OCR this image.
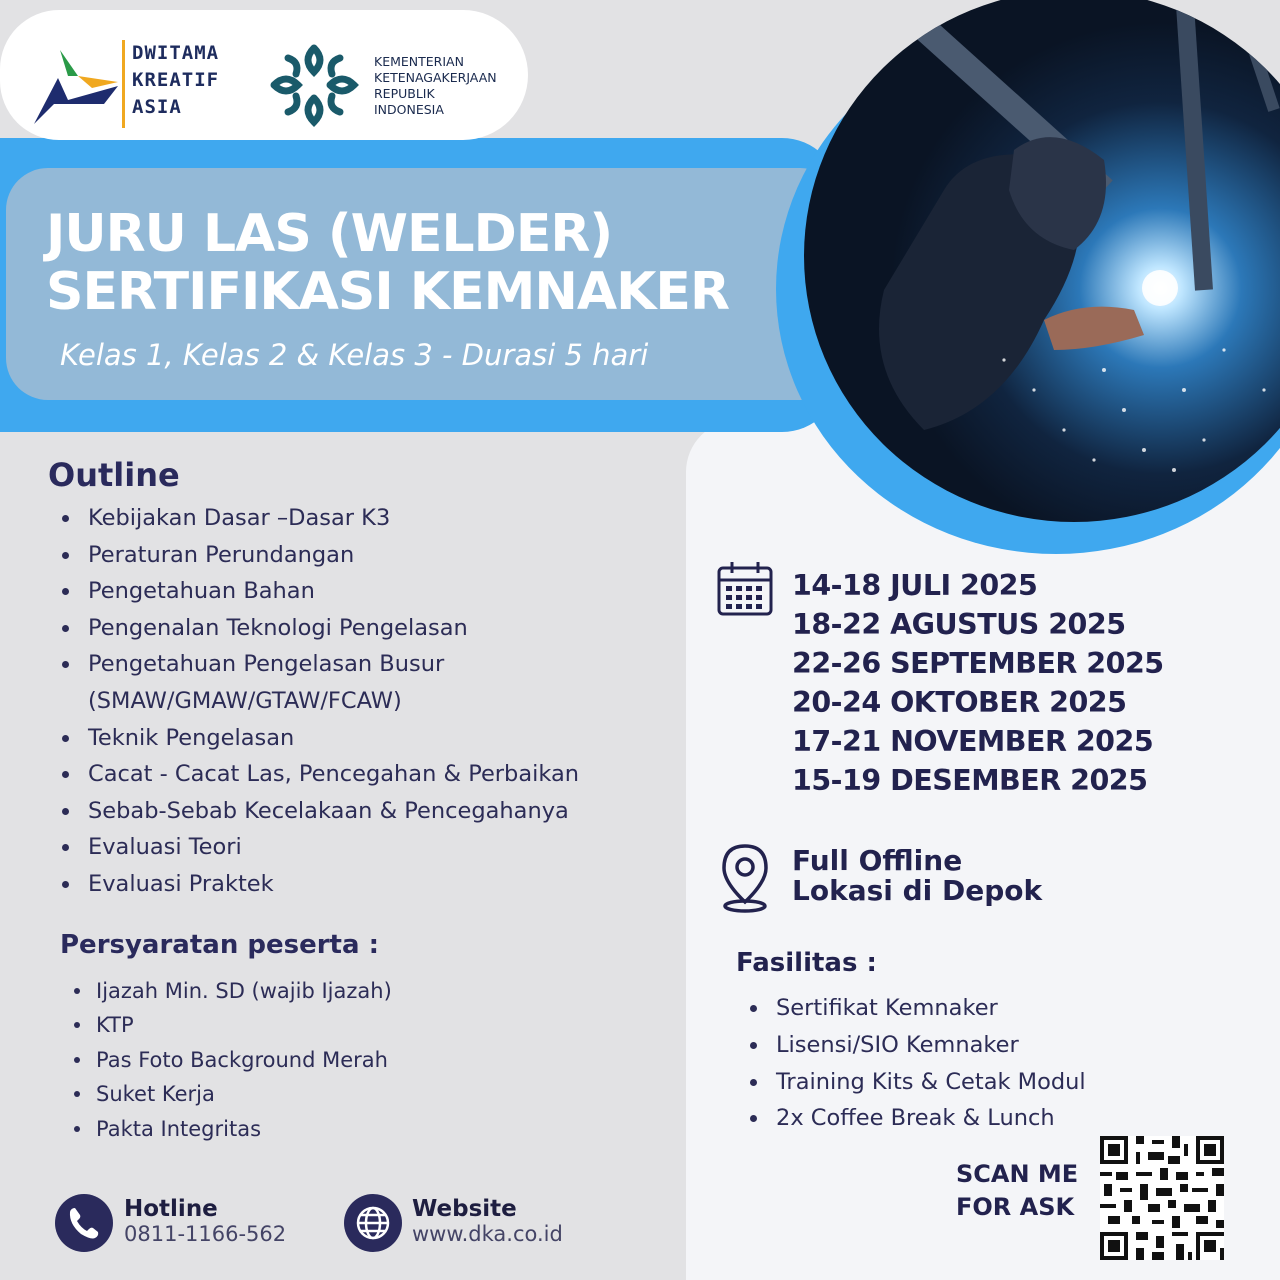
JURU LAS (WELDER)
SERTIFIKASI KEMNAKER
Kelas 1, Kelas 2 & Kelas 3 - Durasi 5 hari
DWITAMA
KREATIF
ASIA
KEMENTERIAN
KETENAGAKERJAAN
REPUBLIK
INDONESIA
Outline
Kebijakan Dasar –Dasar K3
Peraturan Perundangan
Pengetahuan Bahan
Pengenalan Teknologi Pengelasan
Pengetahuan Pengelasan Busur
(SMAW/GMAW/GTAW/FCAW)
Teknik Pengelasan
Cacat - Cacat Las, Pencegahan & Perbaikan
Sebab-Sebab Kecelakaan & Pencegahanya
Evaluasi Teori
Evaluasi Praktek
Persyaratan peserta :
Ijazah Min. SD (wajib Ijazah)
KTP
Pas Foto Background Merah
Suket Kerja
Pakta Integritas
Hotline
0811-1166-562
Website
www.dka.co.id
14-18 JULI 2025
18-22 AGUSTUS 2025
22-26 SEPTEMBER 2025
20-24 OKTOBER 2025
17-21 NOVEMBER 2025
15-19 DESEMBER 2025
Full Offline
Lokasi di Depok
Fasilitas :
Sertifikat Kemnaker
Lisensi/SIO Kemnaker
Training Kits & Cetak Modul
2x Coffee Break & Lunch
SCAN ME
FOR ASK
